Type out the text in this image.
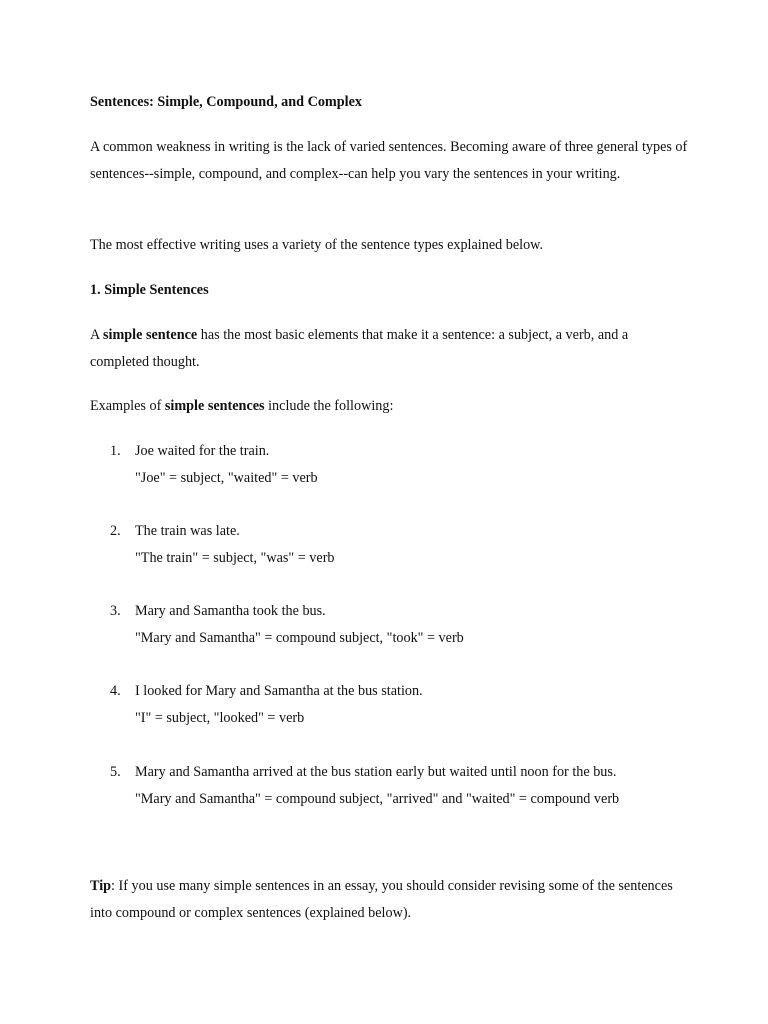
Sentences: Simple, Compound, and Complex

A common weakness in writing is the lack of varied sentences. Becoming aware of three general types of sentences--simple, compound, and complex--can help you vary the sentences in your writing.

The most effective writing uses a variety of the sentence types explained below.

1. Simple Sentences

A simple sentence has the most basic elements that make it a sentence: a subject, a verb, and a completed thought.

Examples of simple sentences include the following:

1.	Joe waited for the train.
"Joe" = subject, "waited" = verb
2.	The train was late.
"The train" = subject, "was" = verb
3.	Mary and Samantha took the bus.
"Mary and Samantha" = compound subject, "took" = verb
4.	I looked for Mary and Samantha at the bus station.
"I" = subject, "looked" = verb
5.	Mary and Samantha arrived at the bus station early but waited until noon for the bus.
"Mary and Samantha" = compound subject, "arrived" and "waited" = compound verb

Tip: If you use many simple sentences in an essay, you should consider revising some of the sentences into compound or complex sentences (explained below).
